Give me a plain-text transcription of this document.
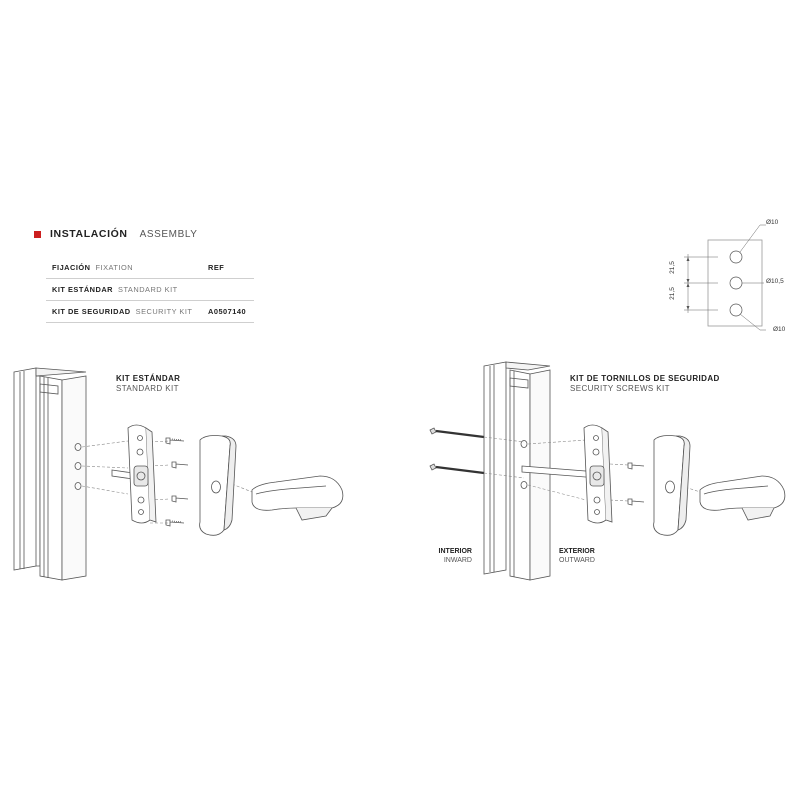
INSTALACIÓN ASSEMBLY
FIJACIÓN FIXATION	REF
KIT ESTÁNDAR STANDARD KIT
KIT DE SEGURIDAD SECURITY KIT A0507140
Ø10
Ø10,5
Ø10
21,5
21,5
KIT ESTÁNDAR
STANDARD KIT
KIT DE TORNILLOS DE SEGURIDAD
SECURITY SCREWS KIT
INTERIOR
INWARD
EXTERIOR
OUTWARD
